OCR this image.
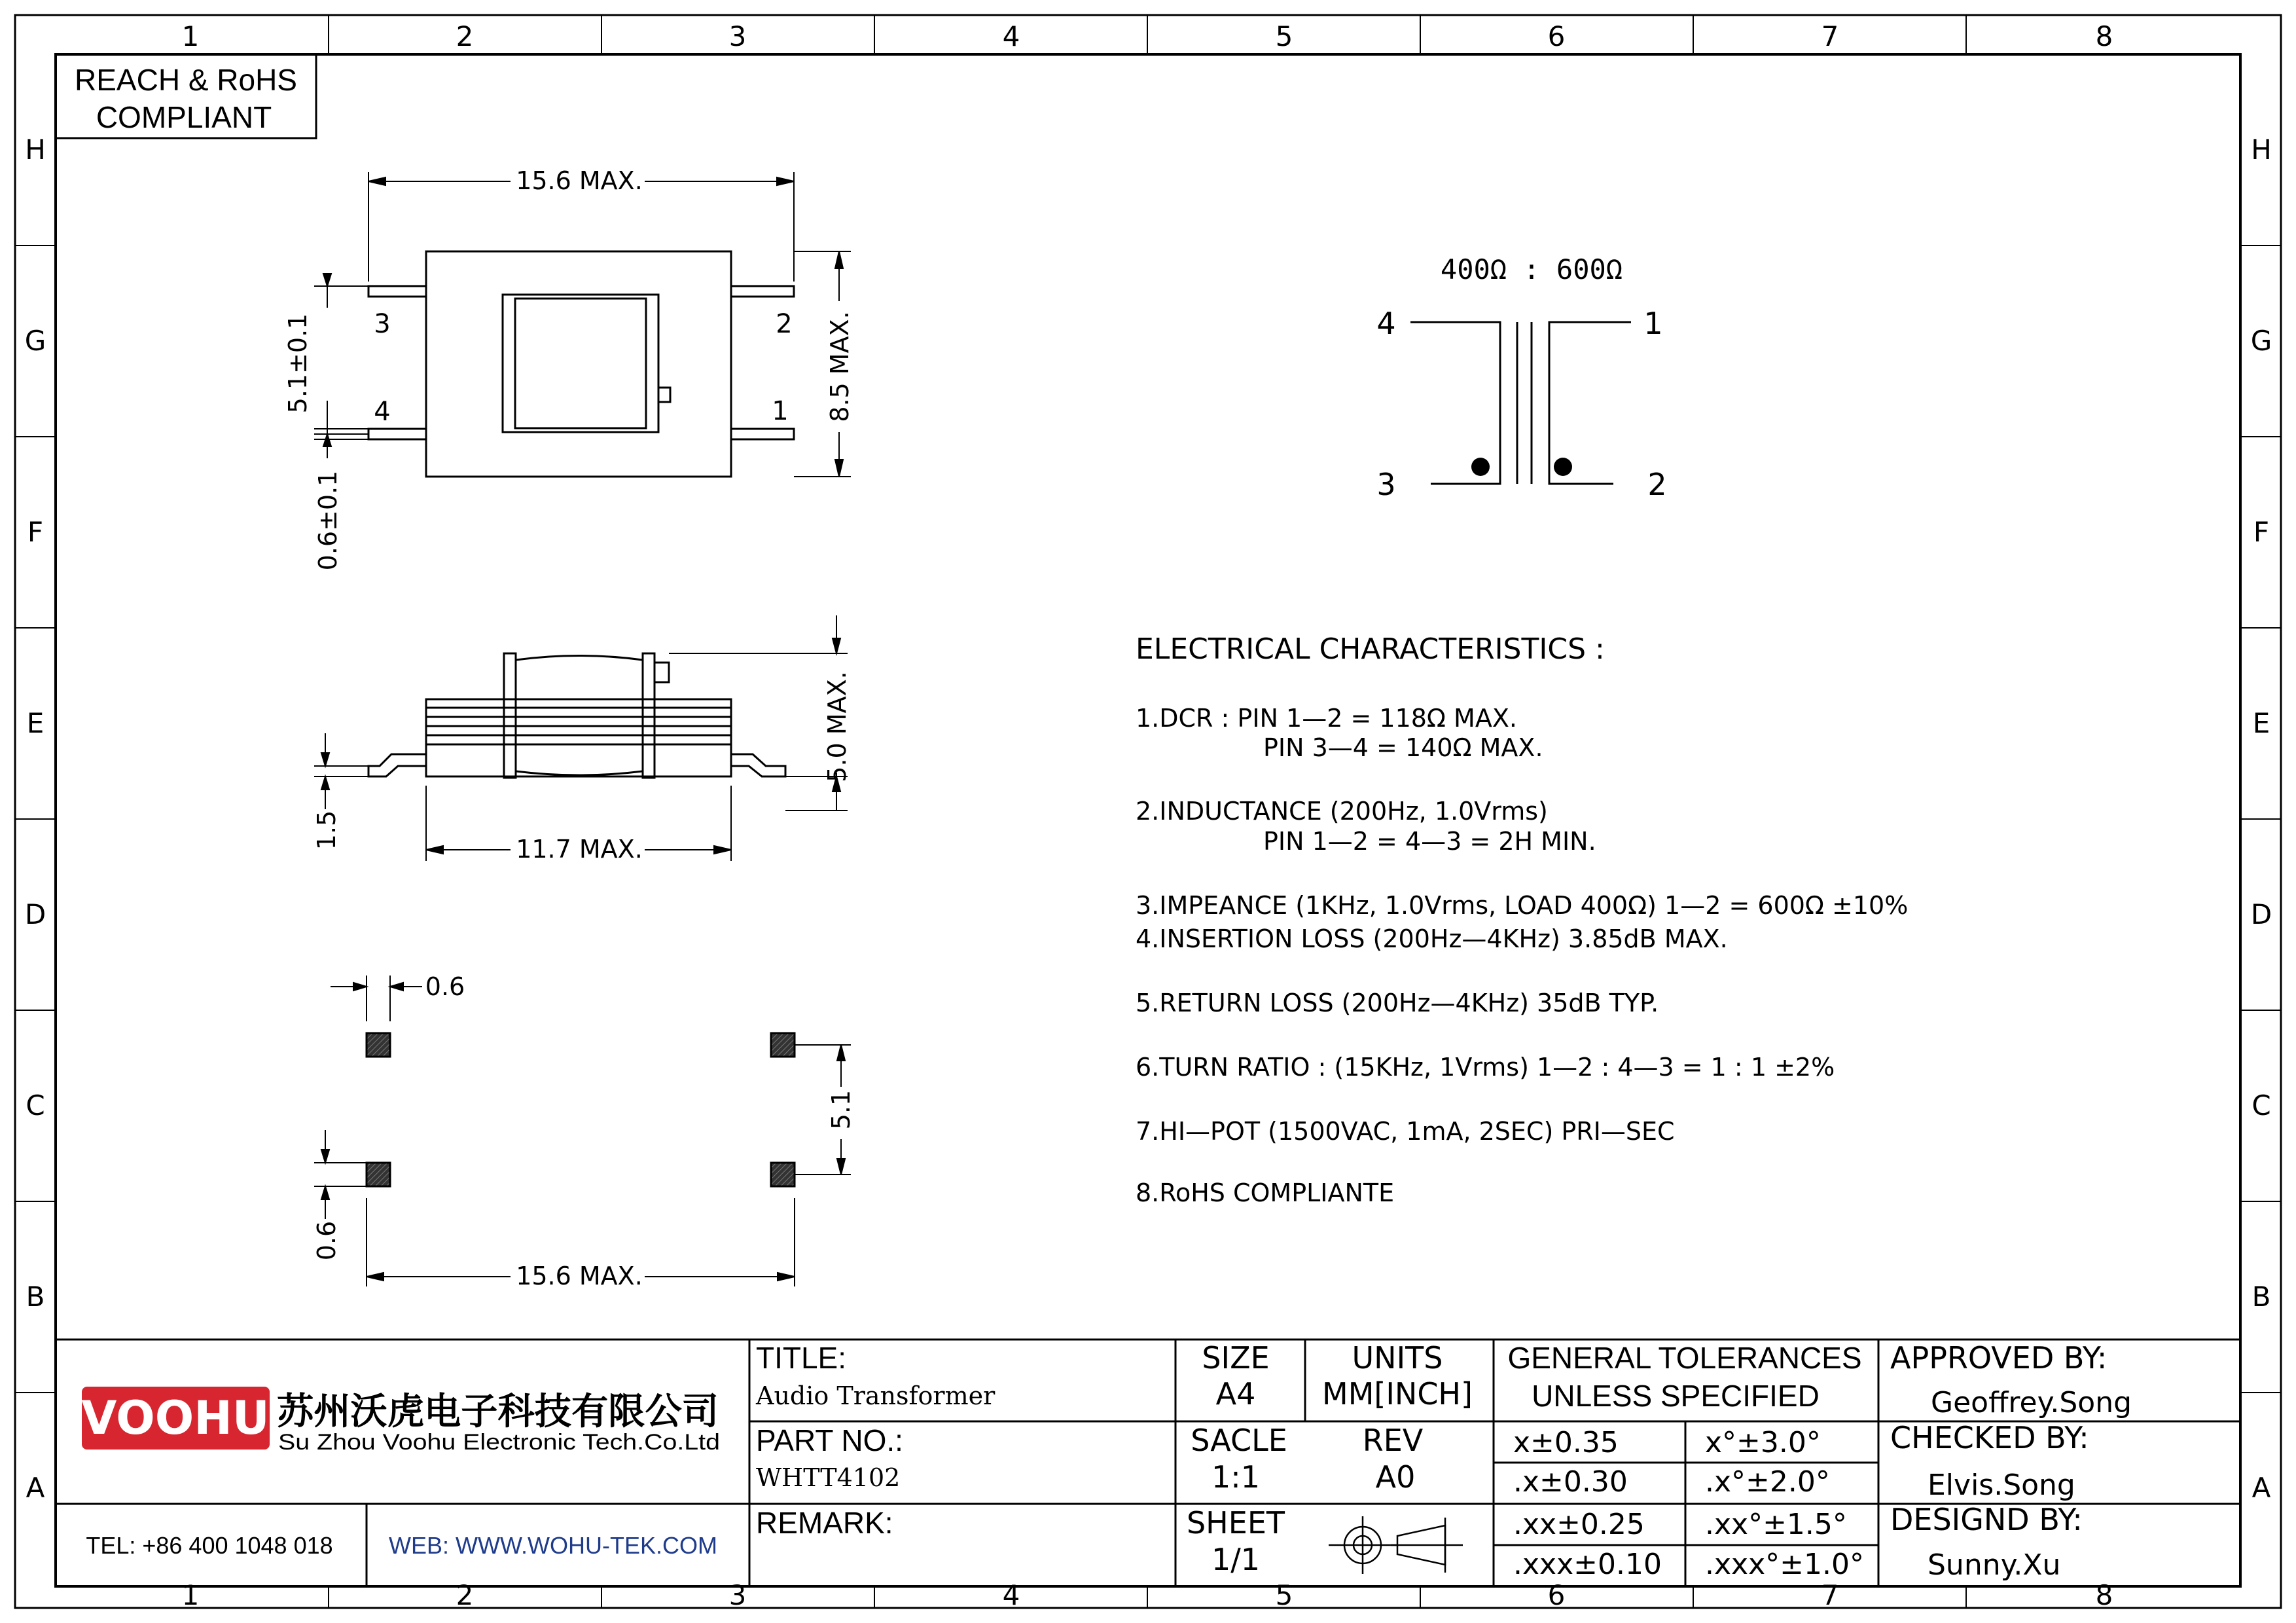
1	2	3	4	5	6	7	8
1	2	3	4	5	6	7	8
H
G
F
E
D
C
B
A
H
G
F
E
D
C
B
A
REACH & RoHS
COMPLIANT
3
4
2
1
15.6 MAX.
8.5 MAX.
5.1±0.1
0.6±0.1
5.0 MAX.
11.7 MAX.
1.5
0.6
5.1
0.6
15.6 MAX.
400Ω : 600Ω
4	1
3	2
ELECTRICAL CHARACTERISTICS :
1.DCR : PIN 1—2 = 118Ω MAX.
PIN 3—4 = 140Ω MAX.
2.INDUCTANCE (200Hz, 1.0Vrms)
PIN 1—2 = 4—3 = 2H MIN.
3.IMPEANCE (1KHz, 1.0Vrms, LOAD 400Ω) 1—2 = 600Ω ±10%
4.INSERTION LOSS (200Hz—4KHz) 3.85dB MAX.
5.RETURN LOSS (200Hz—4KHz) 35dB TYP.
6.TURN RATIO : (15KHz, 1Vrms) 1—2 : 4—3 = 1 : 1 ±2%
7.HI—POT (1500VAC, 1mA, 2SEC) PRI—SEC
8.RoHS COMPLIANTE
VOOHU 苏州沃虎电子科技有限公司
Su Zhou Voohu Electronic Tech.Co.Ltd
TEL: +86 400 1048 018 WEB: WWW.WOHU-TEK.COM
TITLE:
Audio Transformer
PART NO.:
WHTT4102
REMARK:
SIZE
A4
UNITS
MM[INCH]
SACLE
1:1
REV
A0
SHEET
1/1
GENERAL TOLERANCES
UNLESS SPECIFIED
x±0.35	x°±3.0°
.x±0.30	.x°±2.0°
.xx±0.25 .xx°±1.5°
.xxx±0.10 .xxx°±1.0°
APPROVED BY:
Geoffrey.Song
CHECKED BY:
Elvis.Song
DESIGND BY:
Sunny.Xu
